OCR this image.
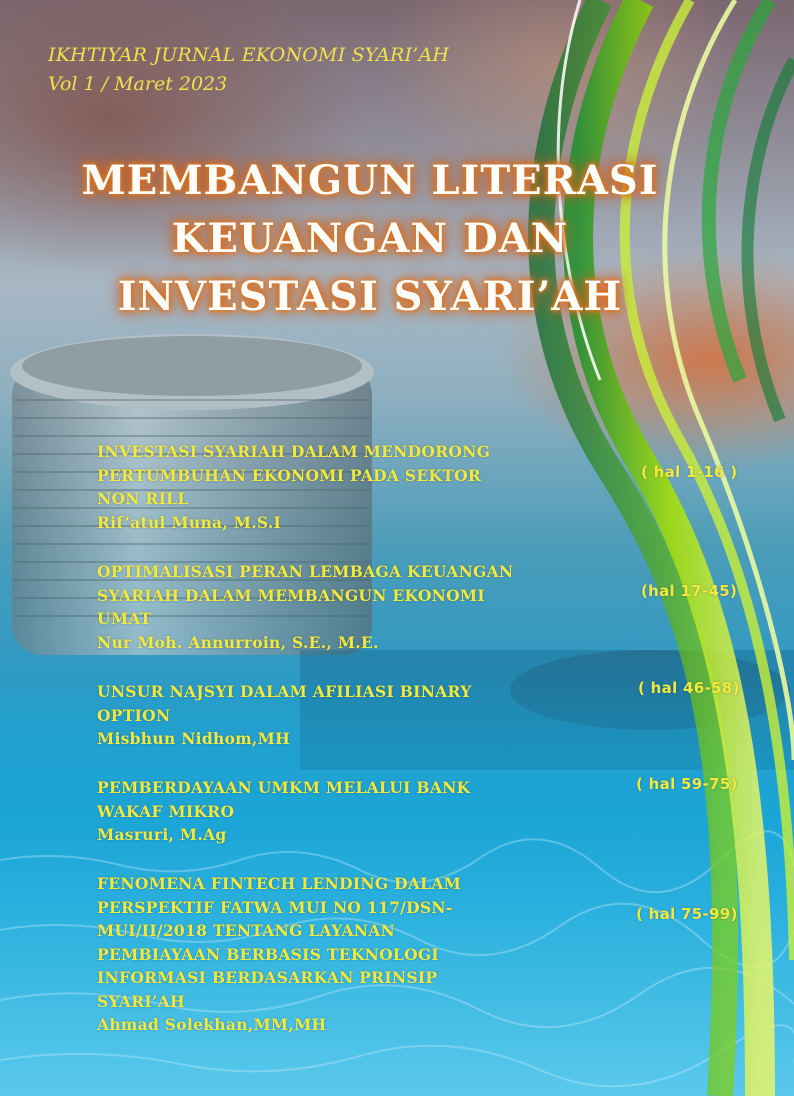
IKHTIYAR JURNAL EKONOMI SYARI’AH
Vol 1 / Maret 2023
MEMBANGUN LITERASI
KEUANGAN DAN
INVESTASI SYARI’AH
INVESTASI SYARIAH DALAM MENDORONG
PERTUMBUHAN EKONOMI PADA SEKTOR
NON RILL
Rif’atul Muna, M.S.I
( hal 1-16 )
OPTIMALISASI PERAN LEMBAGA KEUANGAN
SYARIAH DALAM MEMBANGUN EKONOMI
UMAT
Nur Moh. Annurroin, S.E., M.E.
(hal 17-45)
UNSUR NAJSYI DALAM AFILIASI BINARY
OPTION
Misbhun Nidhom,MH
( hal 46-58)
PEMBERDAYAAN UMKM MELALUI BANK
WAKAF MIKRO
Masruri, M.Ag
( hal 59-75)
FENOMENA FINTECH LENDING DALAM
PERSPEKTIF FATWA MUI NO 117/DSN-
MUI/II/2018 TENTANG LAYANAN
PEMBIAYAAN BERBASIS TEKNOLOGI
INFORMASI BERDASARKAN PRINSIP
SYARI’AH
Ahmad Solekhan,MM,MH
( hal 75-99)
